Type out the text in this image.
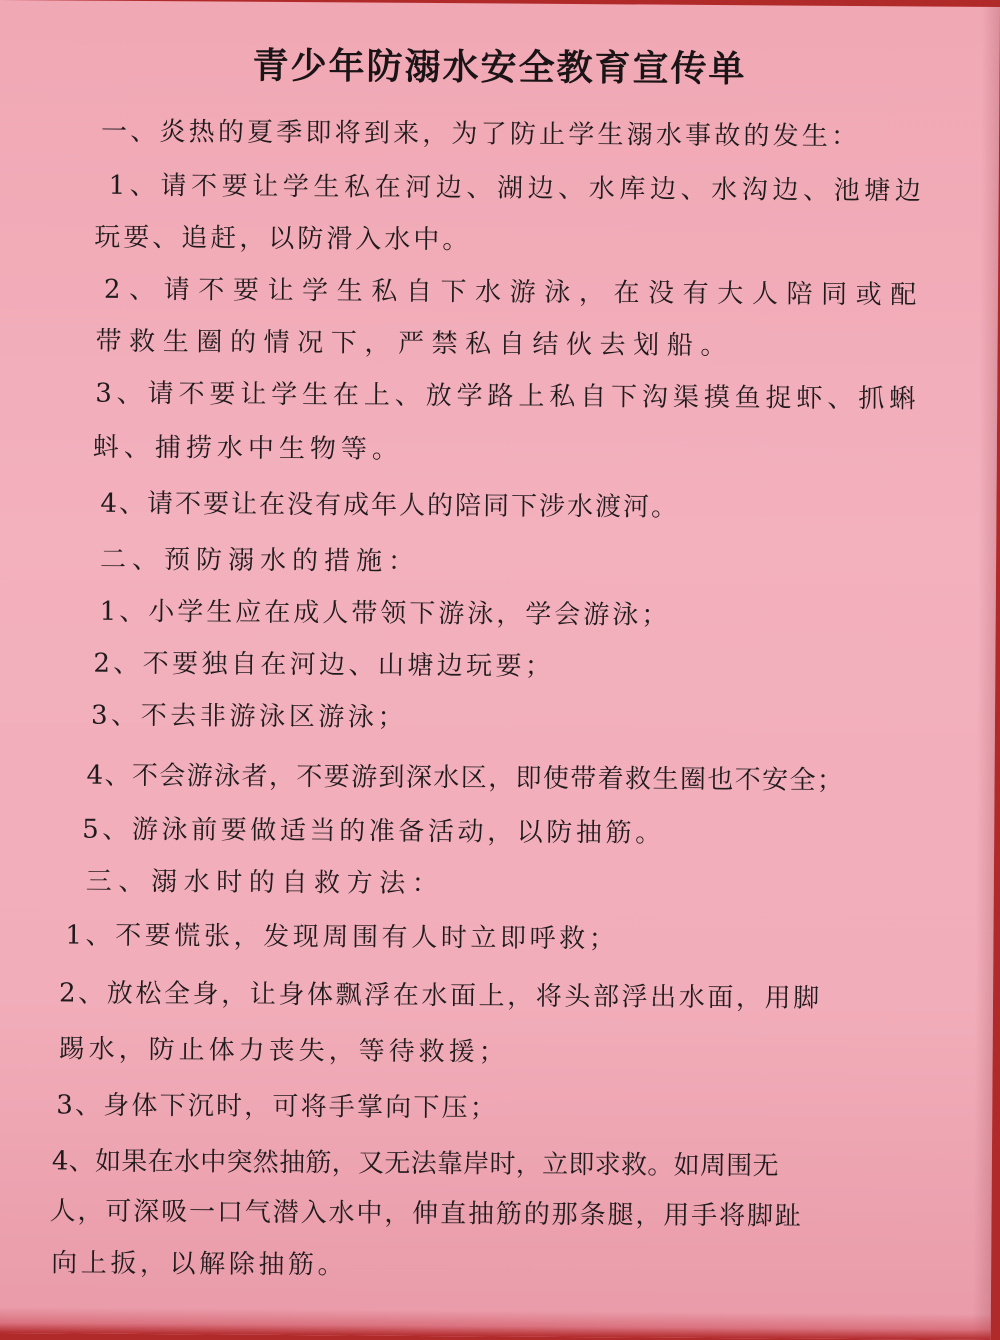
青少年防溺水安全教育宣传单
一、炎热的夏季即将到来，为了防止学生溺水事故的发生：
1、请不要让学生私在河边、湖边、水库边、水沟边、池塘边
玩要、追赶，以防滑入水中。
2、请不要让学生私自下水游泳，在没有大人陪同或配
带救生圈的情况下，严禁私自结伙去划船。
3、请不要让学生在上、放学路上私自下沟渠摸鱼捉虾、抓蝌
蚪、捕捞水中生物等。
4、请不要让在没有成年人的陪同下涉水渡河。
二、预防溺水的措施：
1、小学生应在成人带领下游泳，学会游泳；
2、不要独自在河边、山塘边玩要；
3、不去非游泳区游泳；
4、不会游泳者，不要游到深水区，即使带着救生圈也不安全；
5、游泳前要做适当的准备活动，以防抽筋。
三、溺水时的自救方法：
1、不要慌张，发现周围有人时立即呼救；
2、放松全身，让身体飘浮在水面上，将头部浮出水面，用脚
踢水，防止体力丧失，等待救援；
3、身体下沉时，可将手掌向下压；
4、如果在水中突然抽筋，又无法靠岸时，立即求救。如周围无
人，可深吸一口气潜入水中，伸直抽筋的那条腿，用手将脚趾
向上扳，以解除抽筋。
